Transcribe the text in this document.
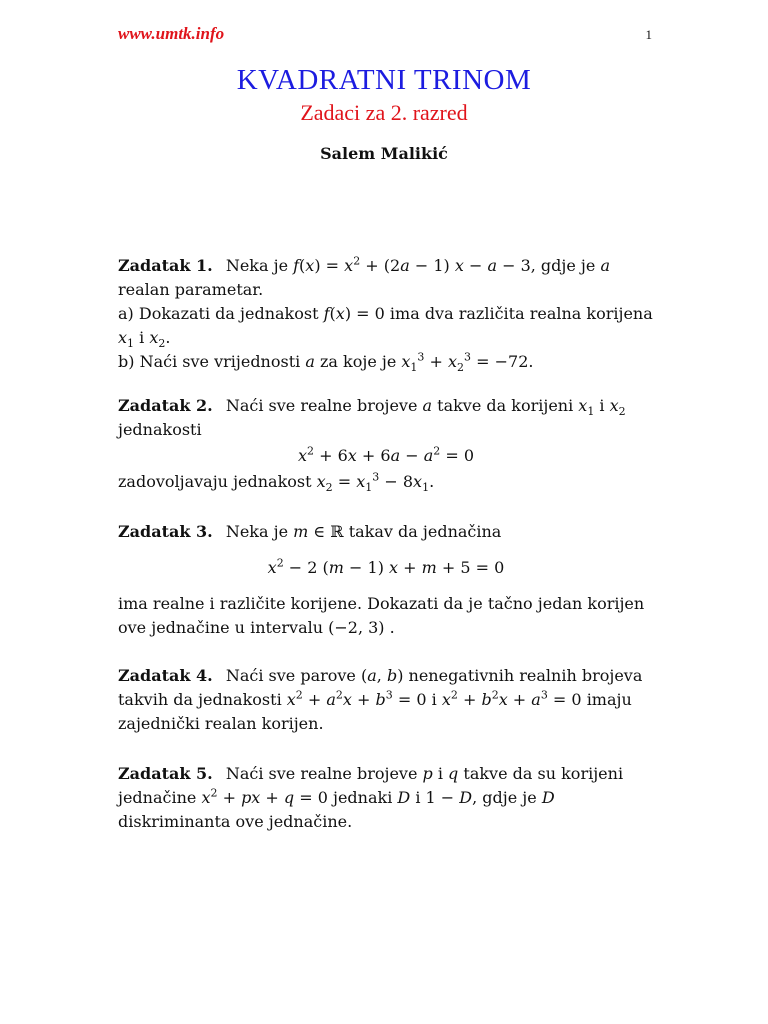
www.umtk.info	1
KVADRATNI TRINOM
Zadaci za 2. razred
Salem Malikić
Zadatak 1. Neka je $f(x) = x^2 + (2a - 1) x - a - 3$, gdje je a realan parametar.
a) Dokazati da jednakost f(x) = 0 ima dva različita realna korijena $x_1$ i $x_2$.
b) Naći sve vrijednosti a za koje je $x_1^3 + x_2^3 = -72$.
Zadatak 2. Naći sve realne brojeve a takve da korijeni $x_1$ i $x_2$ jednakosti
$x^2 + 6x + 6a - a^2 = 0$
zadovoljavaju jednakost $x_2 = x_1^3 - 8x_1$.
Zadatak 3. Neka je m ∈ ℝ takav da jednačina
$x^2 - 2$ (m − 1) x + m + 5 = 0
ima realne i različite korijene. Dokazati da je tačno jedan korijen ove jednačine u intervalu (−2, 3) .
Zadatak 4. Naći sve parove (a, b) nenegativnih realnih brojeva takvih da jednakosti $x^2 + a^2x + b^3 = 0$ i $x^2 + b^2x + a^3 = 0$ imaju zajednički realan korijen.
Zadatak 5. Naći sve realne brojeve p i q takve da su korijeni jednačine $x^2$ + px + q = 0 jednaki D i 1 − D, gdje je D diskriminanta ove jednačine.
